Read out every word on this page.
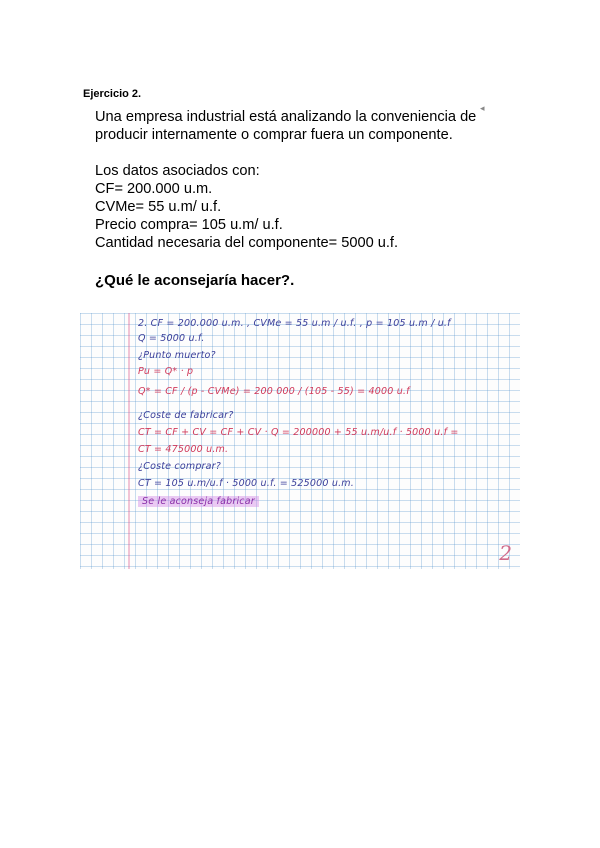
Ejercicio 2.
◂
Una empresa industrial está analizando la conveniencia de
producir internamente o comprar fuera un componente.
Los datos asociados con:
CF= 200.000 u.m.
CVMe= 55 u.m/ u.f.
Precio compra= 105 u.m/ u.f.
Cantidad necesaria del componente= 5000 u.f.
¿Qué le aconsejaría hacer?.
2. CF = 200.000 u.m. , CVMe = 55 u.m / u.f. , p = 105 u.m / u.f
Q = 5000 u.f.
¿Punto muerto?
Pu = Q* · p
Q* = CF / (p - CVMe) = 200 000 / (105 - 55) = 4000 u.f
¿Coste de fabricar?
CT = CF + CV = CF + CV · Q = 200000 + 55 u.m/u.f · 5000 u.f =
CT = 475000 u.m.
¿Coste comprar?
CT = 105 u.m/u.f · 5000 u.f. = 525000 u.m.
Se le aconseja fabricar
2
